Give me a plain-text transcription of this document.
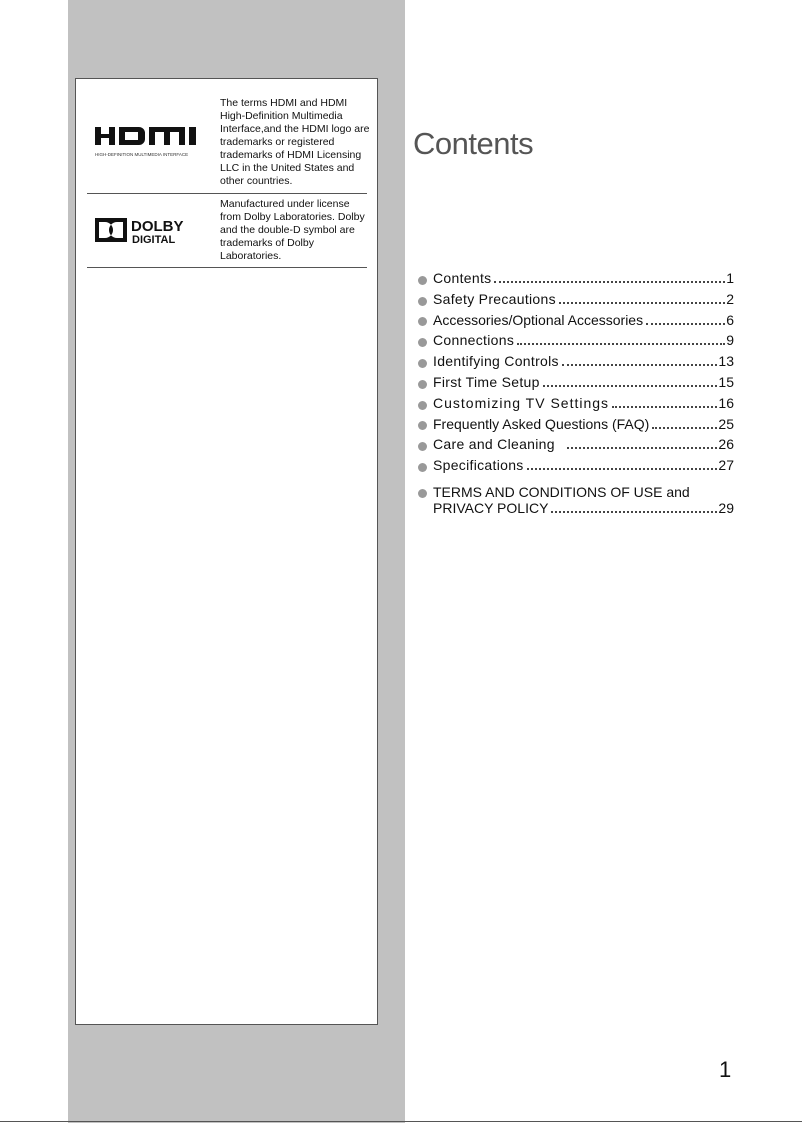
HIGH-DEFINITION MULTIMEDIA INTERFACE
The terms HDMI and HDMI High-Definition Multimedia Interface,and the HDMI logo are trademarks or registered trademarks of HDMI Licensing LLC in the United States and other countries.
DOLBY
DIGITAL
Manufactured under license from Dolby Laboratories. Dolby and the double-D symbol are trademarks of Dolby Laboratories.
Contents
Contents	1
Safety Precautions	2
Accessories/Optional Accessories	6
Connections	9
Identifying Controls	13
First Time Setup	15
Customizing TV Settings	16
Frequently Asked Questions (FAQ)	25
Care and Cleaning	26
Specifications	27
TERMS AND CONDITIONS OF USE and
PRIVACY POLICY	29
1
